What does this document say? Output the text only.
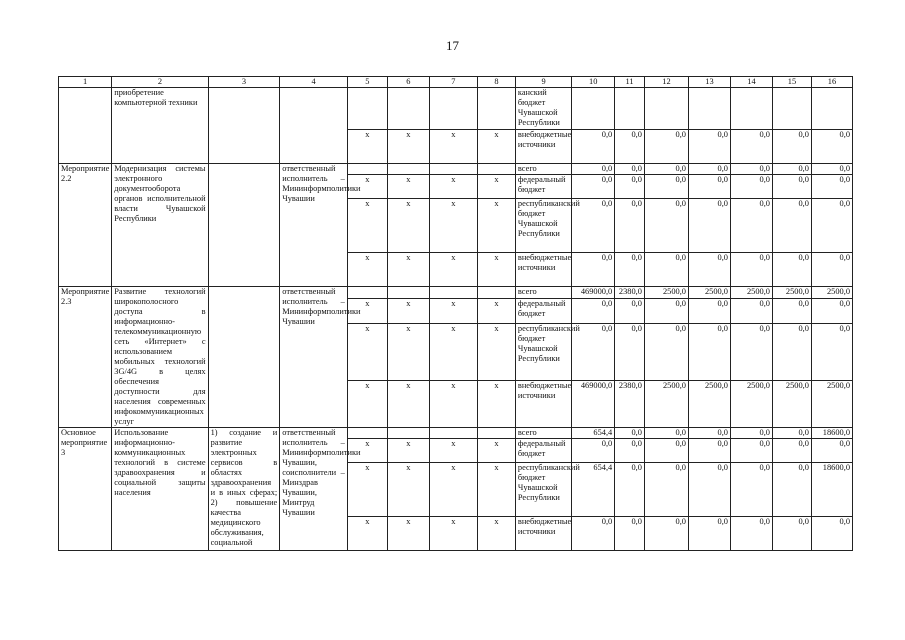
17
1	2	3	4	5	6	7	8	9	10	11	12	13	14	15	16
	приобретение компьютерной техники							канский бюджет Чувашской Республики							
				х	х	х	х	внебюджетные источники	0,0	0,0	0,0	0,0	0,0	0,0	0,0
Мероприятие 2.2	Модернизация системы электронного документооборота органов исполнительной власти Чувашской Республики		ответственный исполнитель – Мининформполитики Чувашии					всего	0,0	0,0	0,0	0,0	0,0	0,0	0,0
				х	х	х	х	федеральный бюджет	0,0	0,0	0,0	0,0	0,0	0,0	0,0
				х	х	х	х	республиканский бюджет Чувашской Республики	0,0	0,0	0,0	0,0	0,0	0,0	0,0
				х	х	х	х	внебюджетные источники	0,0	0,0	0,0	0,0	0,0	0,0	0,0
Мероприятие 2.3	Развитие технологий широкополосного доступа в информационно-телекоммуникационную сеть «Интернет» с использованием мобильных технологий 3G/4G в целях обеспечения доступности для населения современных инфокоммуникационных услуг		ответственный исполнитель – Мининформполитики Чувашии					всего	469000,0	2380,0	2500,0	2500,0	2500,0	2500,0	2500,0
				х	х	х	х	федеральный бюджет	0,0	0,0	0,0	0,0	0,0	0,0	0,0
				х	х	х	х	республиканский бюджет Чувашской Республики	0,0	0,0	0,0	0,0	0,0	0,0	0,0
				х	х	х	х	внебюджетные источники	469000,0	2380,0	2500,0	2500,0	2500,0	2500,0	2500,0
Основное мероприятие 3	Использование информационно-коммуникационных технологий в системе здравоохранения и социальной защиты населения	1) создание и развитие электронных сервисов в областях здравоохранения и в иных сферах; 2) повышение качества медицинского обслуживания, социальной	ответственный исполнитель – Мининформполитики Чувашии, соисполнители – Минздрав Чувашии, Минтруд Чувашии					всего	654,4	0,0	0,0	0,0	0,0	0,0	18600,0
				х	х	х	х	федеральный бюджет	0,0	0,0	0,0	0,0	0,0	0,0	0,0
				х	х	х	х	республиканский бюджет Чувашской Республики	654,4	0,0	0,0	0,0	0,0	0,0	18600,0
				х	х	х	х	внебюджетные источники	0,0	0,0	0,0	0,0	0,0	0,0	0,0
